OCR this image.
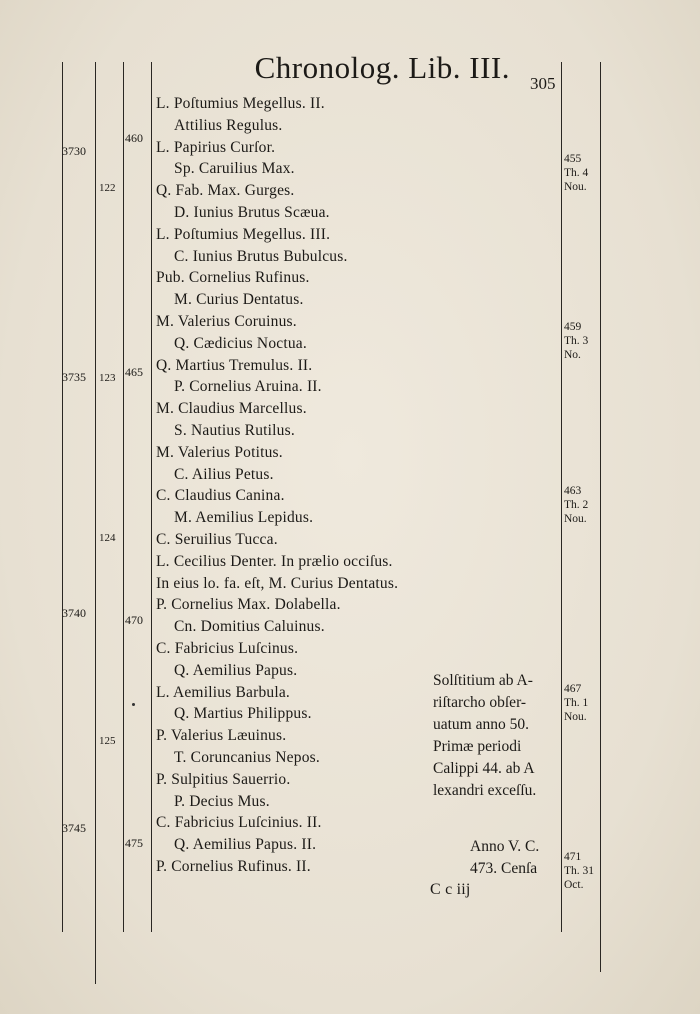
Chronolog. Lib. III. 305
L. Poſtumius Megellus. II.
Attilius Regulus.
L. Papirius Curſor.
Sp. Caruilius Max.
Q. Fab. Max. Gurges.
D. Iunius Brutus Scæua.
L. Poſtumius Megellus. III.
C. Iunius Brutus Bubulcus.
Pub. Cornelius Rufinus.
M. Curius Dentatus.
M. Valerius Coruinus.
Q. Cædicius Noctua.
Q. Martius Tremulus. II.
P. Cornelius Aruina. II.
M. Claudius Marcellus.
S. Nautius Rutilus.
M. Valerius Potitus.
C. Ailius Petus.
C. Claudius Canina.
M. Aemilius Lepidus.
C. Seruilius Tucca.
L. Cecilius Denter. In prælio occiſus.
In eius lo. fa. eſt, M. Curius Dentatus.
P. Cornelius Max. Dolabella.
Cn. Domitius Caluinus.
C. Fabricius Luſcinus.
Q. Aemilius Papus.
L. Aemilius Barbula.
Q. Martius Philippus.
P. Valerius Læuinus.
T. Coruncanius Nepos.
P. Sulpitius Sauerrio.
P. Decius Mus.
C. Fabricius Luſcinius. II.
Q. Aemilius Papus. II.
P. Cornelius Rufinus. II.
3730
3735
3740
3745
122
123
124
125
460
465
470
475
455
Th. 4
Nou.
459
Th. 3
No.
463
Th. 2
Nou.
467
Th. 1
Nou.
471
Th. 31
Oct.
Solſtitium ab A-
riſtarcho obſer-
uatum anno 50.
Primæ periodi
Calippi 44. ab A
lexandri exceſſu.
Anno V. C.
473. Cenſa
C c iij
